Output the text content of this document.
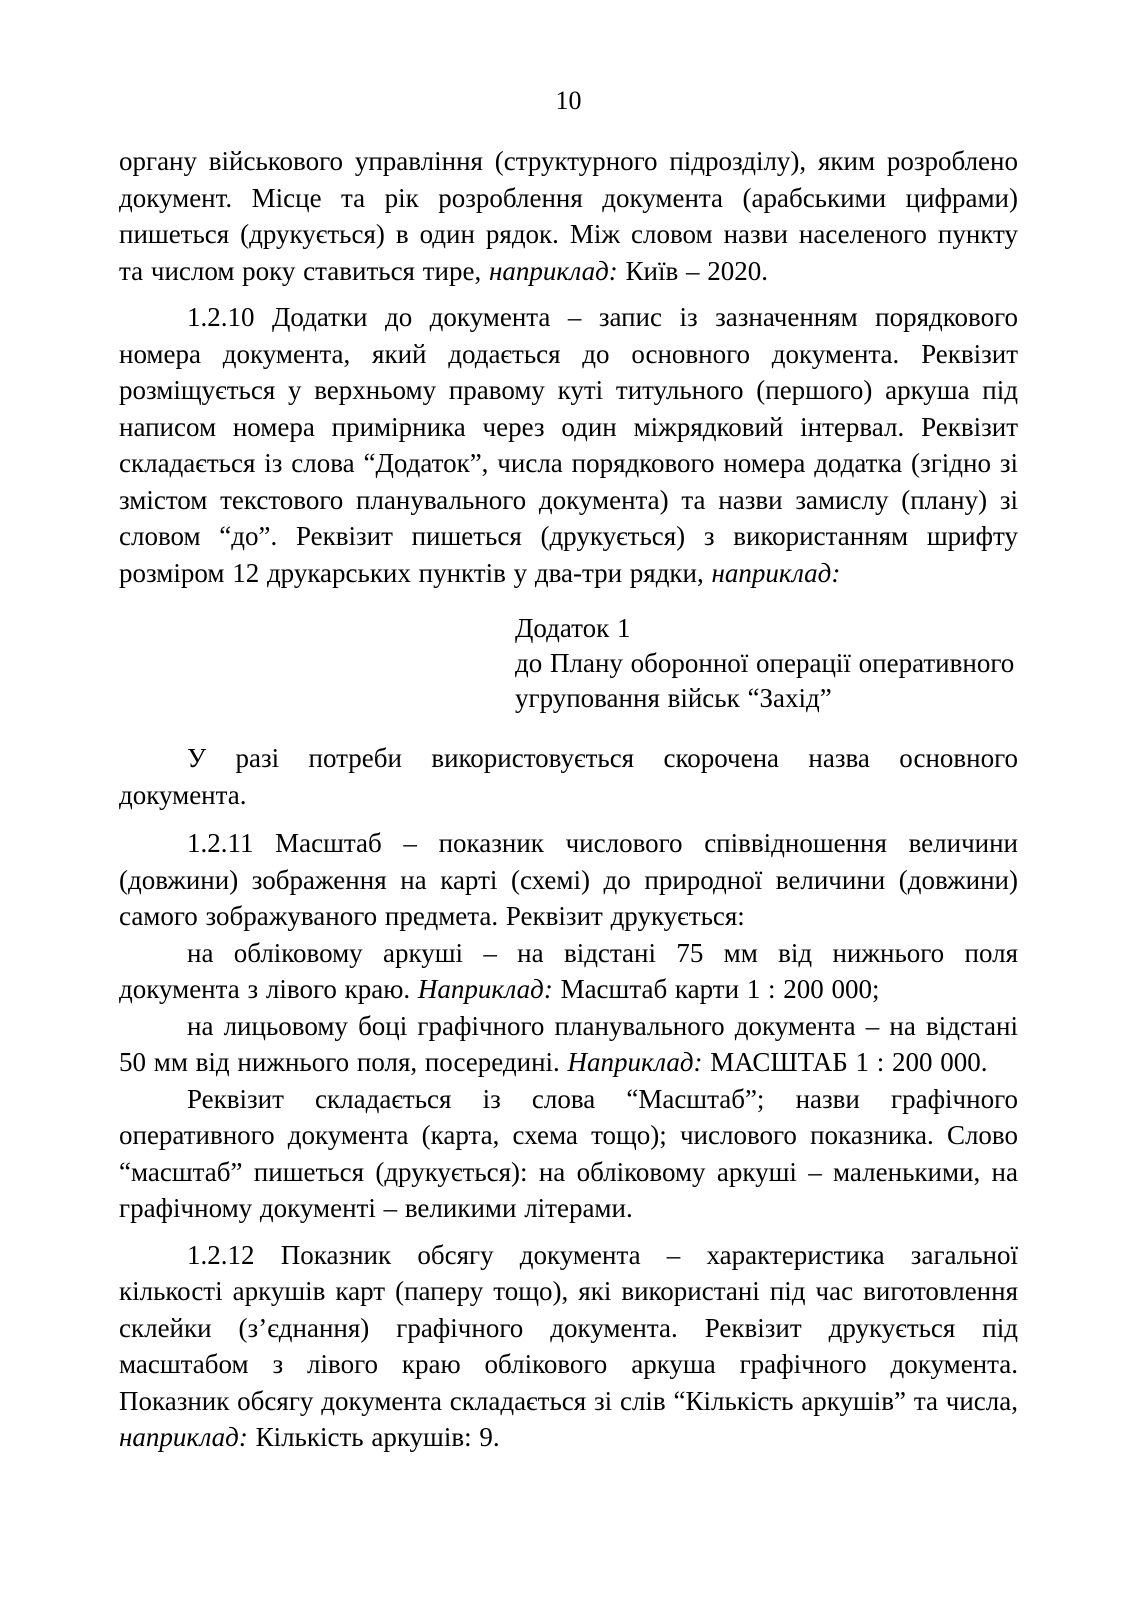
10

органу військового управління (структурного підрозділу), яким розроблено документ. Місце та рік розроблення документа (арабськими цифрами) пишеться (друкується) в один рядок. Між словом назви населеного пункту та числом року ставиться тире, наприклад: Київ – 2020.

1.2.10 Додатки до документа – запис із зазначенням порядкового номера документа, який додається до основного документа. Реквізит розміщується у верхньому правому куті титульного (першого) аркуша під написом номера примірника через один міжрядковий інтервал. Реквізит складається із слова “Додаток”, числа порядкового номера додатка (згідно зі змістом текстового планувального документа) та назви замислу (плану) зі словом “до”. Реквізит пишеться (друкується) з використанням шрифту розміром 12 друкарських пунктів у два-три рядки, наприклад:

Додаток 1
до Плану оборонної операції оперативного
угруповання військ “Захід”

У разі потреби використовується скорочена назва основного документа.

1.2.11 Масштаб – показник числового співвідношення величини (довжини) зображення на карті (схемі) до природної величини (довжини) самого зображуваного предмета. Реквізит друкується:

на обліковому аркуші – на відстані 75 мм від нижнього поля документа з лівого краю. Наприклад: Масштаб карти 1 : 200 000;

на лицьовому боці графічного планувального документа – на відстані 50 мм від нижнього поля, посередині. Наприклад: МАСШТАБ 1 : 200 000.

Реквізит складається із слова “Масштаб”; назви графічного оперативного документа (карта, схема тощо); числового показника. Слово “масштаб” пишеться (друкується): на обліковому аркуші – маленькими, на графічному документі – великими літерами.

1.2.12 Показник обсягу документа – характеристика загальної кількості аркушів карт (паперу тощо), які використані під час виготовлення склейки (з’єднання) графічного документа. Реквізит друкується під масштабом з лівого краю облікового аркуша графічного документа. Показник обсягу документа складається зі слів “Кількість аркушів” та числа, наприклад: Кількість аркушів: 9.
